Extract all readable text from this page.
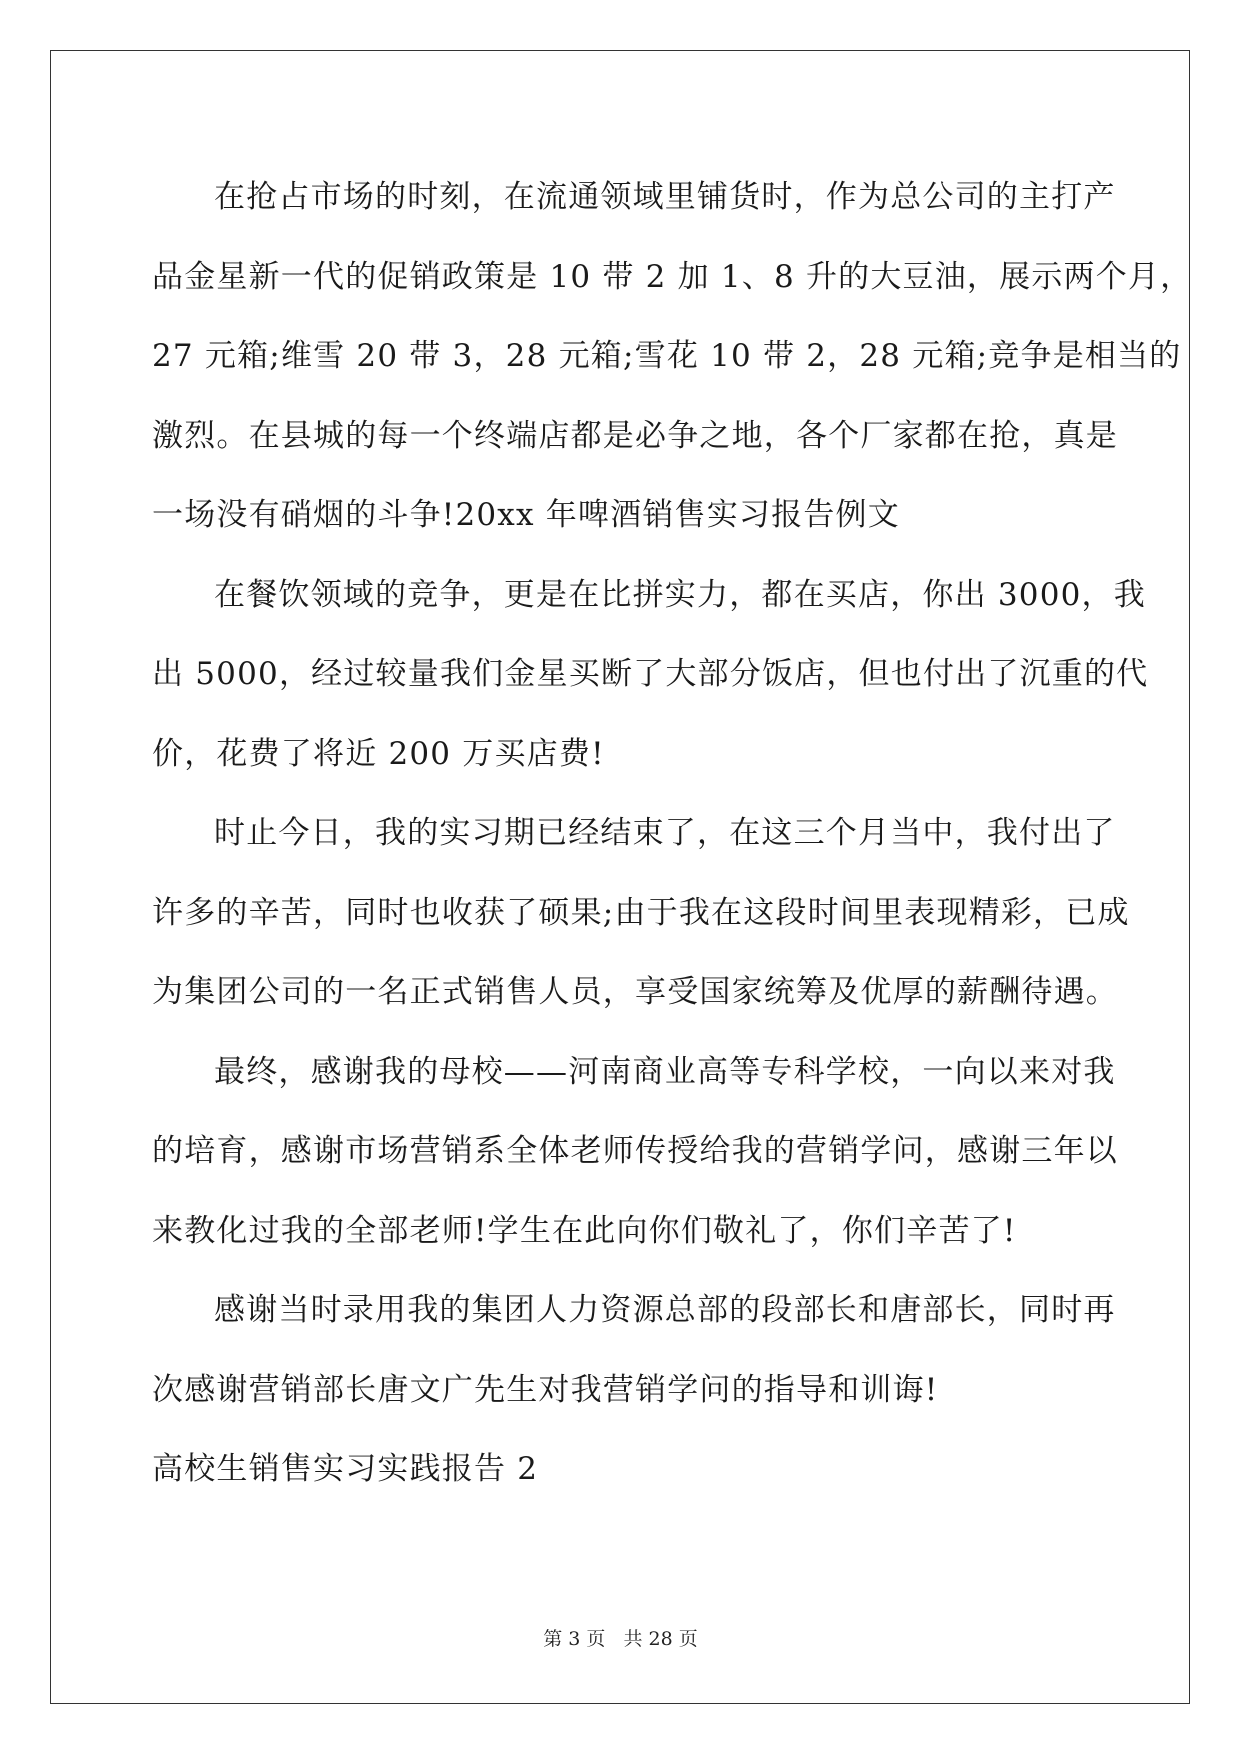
在抢占市场的时刻，在流通领域里铺货时，作为总公司的主打产

品金星新一代的促销政策是 10 带 2 加 1、8 升的大豆油，展示两个月，

27 元箱;维雪 20 带 3，28 元箱;雪花 10 带 2，28 元箱;竞争是相当的

激烈。在县城的每一个终端店都是必争之地，各个厂家都在抢，真是

一场没有硝烟的斗争!20xx 年啤酒销售实习报告例文

在餐饮领域的竞争，更是在比拼实力，都在买店，你出 3000，我

出 5000，经过较量我们金星买断了大部分饭店，但也付出了沉重的代

价，花费了将近 200 万买店费!

时止今日，我的实习期已经结束了，在这三个月当中，我付出了

许多的辛苦，同时也收获了硕果;由于我在这段时间里表现精彩，已成

为集团公司的一名正式销售人员，享受国家统筹及优厚的薪酬待遇。

最终，感谢我的母校——河南商业高等专科学校，一向以来对我

的培育，感谢市场营销系全体老师传授给我的营销学问，感谢三年以

来教化过我的全部老师!学生在此向你们敬礼了，你们辛苦了!

感谢当时录用我的集团人力资源总部的段部长和唐部长，同时再

次感谢营销部长唐文广先生对我营销学问的指导和训诲!

高校生销售实习实践报告 2

第 3 页 共 28 页
